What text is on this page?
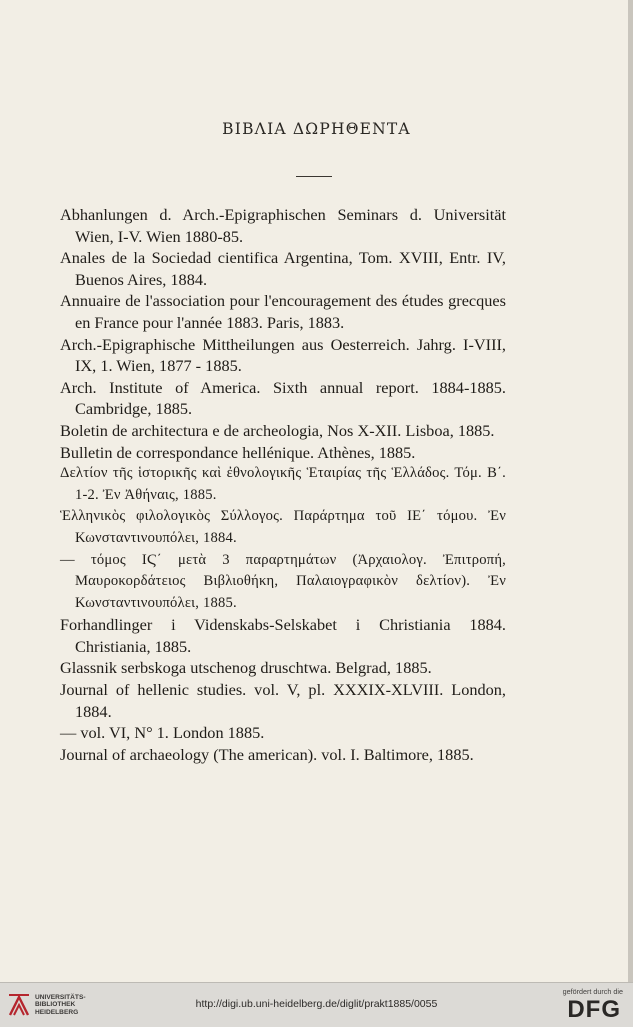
ΒΙΒΛΙΑ ΔΩΡΗΘΕΝΤΑ
Abhanlungen d. Arch.-Epigraphischen Seminars d. Universität Wien, I-V. Wien 1880-85.
Anales de la Sociedad cientifica Argentina, Tom. XVIII, Entr. IV, Buenos Aires, 1884.
Annuaire de l'association pour l'encouragement des études grecques en France pour l'année 1883. Paris, 1883.
Arch.-Epigraphische Mittheilungen aus Oesterreich. Jahrg. I-VIII, IX, 1. Wien, 1877 - 1885.
Arch. Institute of America. Sixth annual report. 1884-1885. Cambridge, 1885.
Boletin de architectura e de archeologia, Nos X-XII. Lisboa, 1885.
Bulletin de correspondance hellénique. Athènes, 1885.
Δελτίον τῆς ἱστορικῆς καὶ ἐθνολογικῆς Ἑταιρίας τῆς Ἑλλάδος. Τόμ. Β΄. 1-2. Ἐν Ἀθήναις, 1885.
Ἑλληνικὸς φιλολογικὸς Σύλλογος. Παράρτημα τοῦ ΙΕ΄ τόμου. Ἐν Κωνσταντινουπόλει, 1884.
— τόμος ΙϚ΄ μετὰ 3 παραρτημάτων (Ἀρχαιολογ. Ἐπιτροπή, Μαυροκορδάτειος Βιβλιοθήκη, Παλαιογραφικὸν δελτίον). Ἐν Κωνσταντινουπόλει, 1885.
Forhandlinger i Videnskabs-Selskabet i Christiania 1884. Christiania, 1885.
Glassnik serbskoga utschenog druschtwa. Belgrad, 1885.
Journal of hellenic studies. vol. V, pl. XXXIX-XLVIII. London, 1884.
— vol. VI, N° 1. London 1885.
Journal of archaeology (The american). vol. I. Baltimore, 1885.
UNIVERSITÄTS-
BIBLIOTHEK
HEIDELBERG
http://digi.ub.uni-heidelberg.de/diglit/prakt1885/0055
gefördert durch die
DFG
